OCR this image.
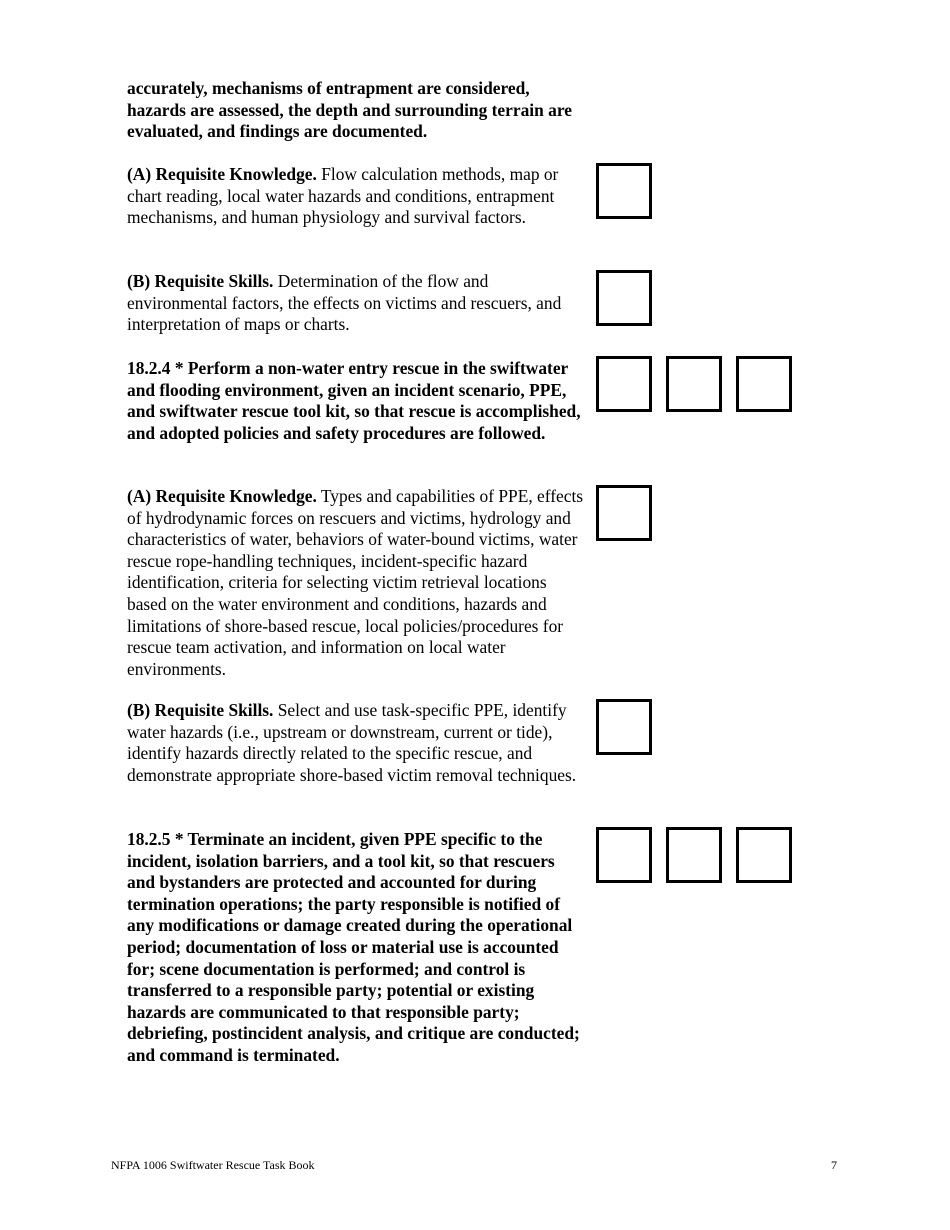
accurately, mechanisms of entrapment are considered, hazards are assessed, the depth and surrounding terrain are evaluated, and findings are documented.

(A) Requisite Knowledge. Flow calculation methods, map or chart reading, local water hazards and conditions, entrapment mechanisms, and human physiology and survival factors.

(B) Requisite Skills. Determination of the flow and environmental factors, the effects on victims and rescuers, and interpretation of maps or charts.

18.2.4 * Perform a non-water entry rescue in the swiftwater and flooding environment, given an incident scenario, PPE, and swiftwater rescue tool kit, so that rescue is accomplished, and adopted policies and safety procedures are followed.

(A) Requisite Knowledge. Types and capabilities of PPE, effects of hydrodynamic forces on rescuers and victims, hydrology and characteristics of water, behaviors of water-bound victims, water rescue rope-handling techniques, incident-specific hazard identification, criteria for selecting victim retrieval locations based on the water environment and conditions, hazards and limitations of shore-based rescue, local policies/procedures for rescue team activation, and information on local water environments.

(B) Requisite Skills. Select and use task-specific PPE, identify water hazards (i.e., upstream or downstream, current or tide), identify hazards directly related to the specific rescue, and demonstrate appropriate shore-based victim removal techniques.

18.2.5 * Terminate an incident, given PPE specific to the incident, isolation barriers, and a tool kit, so that rescuers and bystanders are protected and accounted for during termination operations; the party responsible is notified of any modifications or damage created during the operational period; documentation of loss or material use is accounted for; scene documentation is performed; and control is transferred to a responsible party; potential or existing hazards are communicated to that responsible party; debriefing, postincident analysis, and critique are conducted; and command is terminated.

NFPA 1006 Swiftwater Rescue Task Book	7
